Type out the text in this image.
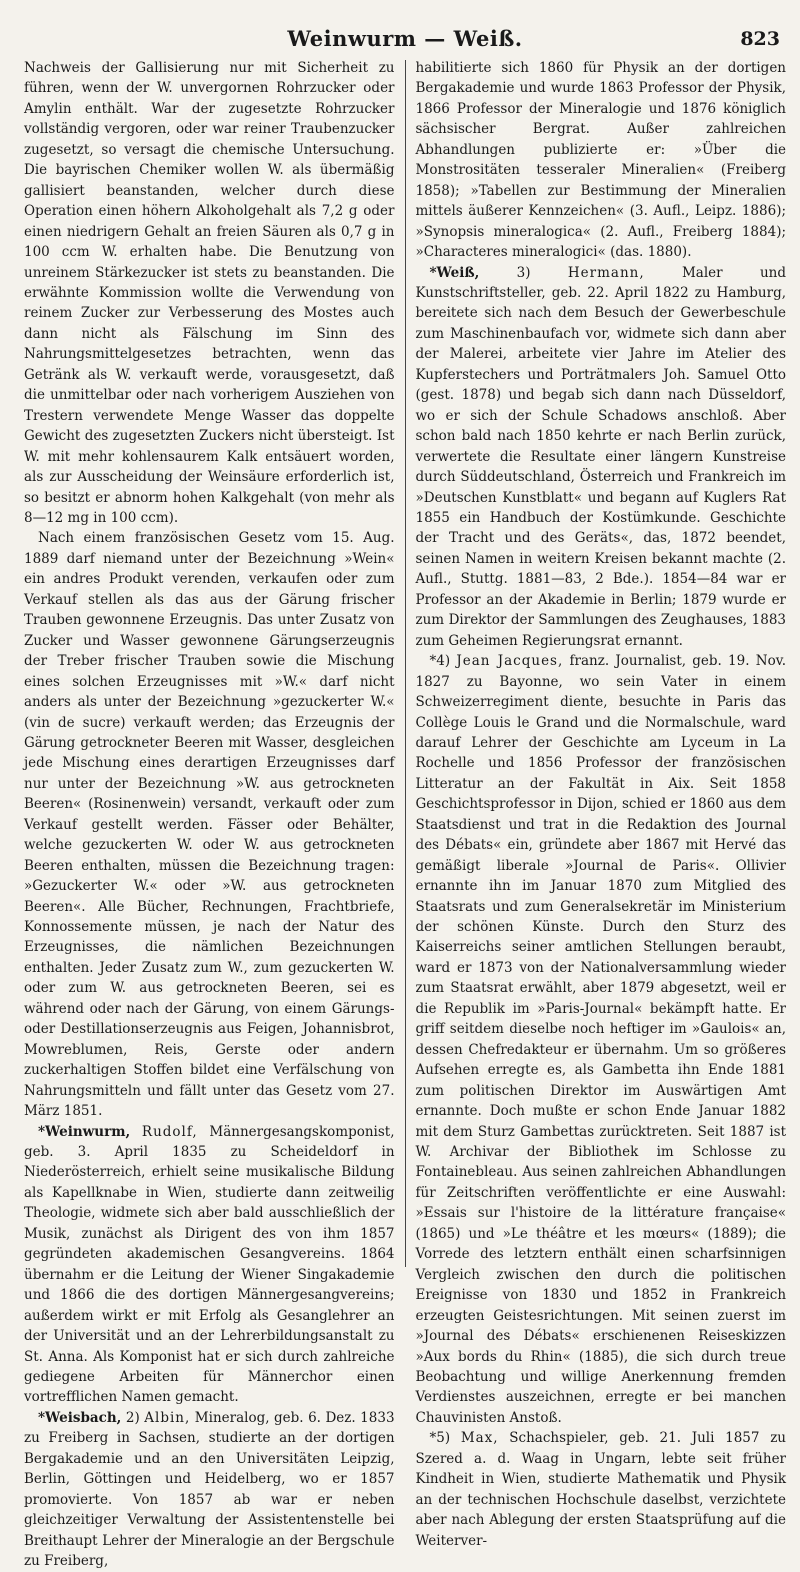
Weinwurm — Weiß.	823

Nachweis der Gallisierung nur mit Sicherheit zu führen, wenn der W. unvergornen Rohrzucker oder Amylin enthält. War der zugesetzte Rohrzucker vollständig vergoren, oder war reiner Traubenzucker zugesetzt, so versagt die chemische Untersuchung. Die bayrischen Chemiker wollen W. als übermäßig gallisiert beanstanden, welcher durch diese Operation einen höhern Alkoholgehalt als 7,2 g oder einen niedrigern Gehalt an freien Säuren als 0,7 g in 100 ccm W. erhalten habe. Die Benutzung von unreinem Stärkezucker ist stets zu beanstanden. Die erwähnte Kommission wollte die Verwendung von reinem Zucker zur Verbesserung des Mostes auch dann nicht als Fälschung im Sinn des Nahrungsmittelgesetzes betrachten, wenn das Getränk als W. verkauft werde, vorausgesetzt, daß die unmittelbar oder nach vorherigem Ausziehen von Trestern verwendete Menge Wasser das doppelte Gewicht des zugesetzten Zuckers nicht übersteigt. Ist W. mit mehr kohlensaurem Kalk entsäuert worden, als zur Ausscheidung der Weinsäure erforderlich ist, so besitzt er abnorm hohen Kalkgehalt (von mehr als 8—12 mg in 100 ccm).

Nach einem französischen Gesetz vom 15. Aug. 1889 darf niemand unter der Bezeichnung »Wein« ein andres Produkt verenden, verkaufen oder zum Verkauf stellen als das aus der Gärung frischer Trauben gewonnene Erzeugnis. Das unter Zusatz von Zucker und Wasser gewonnene Gärungserzeugnis der Treber frischer Trauben sowie die Mischung eines solchen Erzeugnisses mit »W.« darf nicht anders als unter der Bezeichnung »gezuckerter W.« (vin de sucre) verkauft werden; das Erzeugnis der Gärung getrockneter Beeren mit Wasser, desgleichen jede Mischung eines derartigen Erzeugnisses darf nur unter der Bezeichnung »W. aus getrockneten Beeren« (Rosinenwein) versandt, verkauft oder zum Verkauf gestellt werden. Fässer oder Behälter, welche gezuckerten W. oder W. aus getrockneten Beeren enthalten, müssen die Bezeichnung tragen: »Gezuckerter W.« oder »W. aus getrockneten Beeren«. Alle Bücher, Rechnungen, Frachtbriefe, Konnossemente müssen, je nach der Natur des Erzeugnisses, die nämlichen Bezeichnungen enthalten. Jeder Zusatz zum W., zum gezuckerten W. oder zum W. aus getrockneten Beeren, sei es während oder nach der Gärung, von einem Gärungs- oder Destillationserzeugnis aus Feigen, Johannisbrot, Mowreblumen, Reis, Gerste oder andern zuckerhaltigen Stoffen bildet eine Verfälschung von Nahrungsmitteln und fällt unter das Gesetz vom 27. März 1851.

*Weinwurm, Rudolf, Männergesangskomponist, geb. 3. April 1835 zu Scheideldorf in Niederösterreich, erhielt seine musikalische Bildung als Kapellknabe in Wien, studierte dann zeitweilig Theologie, widmete sich aber bald ausschließlich der Musik, zunächst als Dirigent des von ihm 1857 gegründeten akademischen Gesangvereins. 1864 übernahm er die Leitung der Wiener Singakademie und 1866 die des dortigen Männergesangvereins; außerdem wirkt er mit Erfolg als Gesanglehrer an der Universität und an der Lehrerbildungsanstalt zu St. Anna. Als Komponist hat er sich durch zahlreiche gediegene Arbeiten für Männerchor einen vortrefflichen Namen gemacht.

*Weisbach, 2) Albin, Mineralog, geb. 6. Dez. 1833 zu Freiberg in Sachsen, studierte an der dortigen Bergakademie und an den Universitäten Leipzig, Berlin, Göttingen und Heidelberg, wo er 1857 promovierte. Von 1857 ab war er neben gleichzeitiger Verwaltung der Assistentenstelle bei Breithaupt Lehrer der Mineralogie an der Bergschule zu Freiberg,

habilitierte sich 1860 für Physik an der dortigen Bergakademie und wurde 1863 Professor der Physik, 1866 Professor der Mineralogie und 1876 königlich sächsischer Bergrat. Außer zahlreichen Abhandlungen publizierte er: »Über die Monstrositäten tesseraler Mineralien« (Freiberg 1858); »Tabellen zur Bestimmung der Mineralien mittels äußerer Kennzeichen« (3. Aufl., Leipz. 1886); »Synopsis mineralogica« (2. Aufl., Freiberg 1884); »Characteres mineralogici« (das. 1880).

*Weiß,	3)	Hermann,	Maler und Kunstschriftsteller, geb. 22. April 1822 zu Hamburg, bereitete sich nach dem Besuch der Gewerbeschule zum Maschinenbaufach vor, widmete sich dann aber der Malerei, arbeitete vier Jahre im Atelier des Kupferstechers und Porträtmalers Joh. Samuel Otto (gest. 1878) und begab sich dann nach Düsseldorf, wo er sich der Schule Schadows anschloß. Aber schon bald nach 1850 kehrte er nach Berlin zurück, verwertete die Resultate einer längern Kunstreise durch Süddeutschland, Österreich und Frankreich im »Deutschen Kunstblatt« und begann auf Kuglers Rat 1855 ein Handbuch der Kostümkunde. Geschichte der Tracht und des Geräts«, das, 1872 beendet, seinen Namen in weitern Kreisen bekannt machte (2. Aufl., Stuttg. 1881—83, 2 Bde.). 1854—84 war er Professor an der Akademie in Berlin; 1879 wurde er zum Direktor der Sammlungen des Zeughauses, 1883 zum Geheimen Regierungsrat ernannt.

*4) Jean Jacques, franz. Journalist, geb. 19. Nov. 1827 zu Bayonne, wo sein Vater in einem Schweizerregiment diente, besuchte in Paris das Collège Louis le Grand und die Normalschule, ward darauf Lehrer der Geschichte am Lyceum in La Rochelle und 1856 Professor der französischen Litteratur an der Fakultät in Aix. Seit 1858 Geschichtsprofessor in Dijon, schied er 1860 aus dem Staatsdienst und trat in die Redaktion des Journal des Débats« ein, gründete aber 1867 mit Hervé das gemäßigt liberale »Journal de Paris«. Ollivier ernannte ihn im Januar 1870 zum Mitglied des Staatsrats und zum Generalsekretär im Ministerium der schönen Künste. Durch den Sturz des Kaiserreichs seiner amtlichen Stellungen beraubt, ward er 1873 von der Nationalversammlung wieder zum Staatsrat erwählt, aber 1879 abgesetzt, weil er die Republik im »Paris-Journal« bekämpft hatte. Er griff seitdem dieselbe noch heftiger im »Gaulois« an, dessen Chefredakteur er übernahm. Um so größeres Aufsehen erregte es, als Gambetta ihn Ende 1881 zum politischen Direktor im Auswärtigen Amt ernannte. Doch mußte er schon Ende Januar 1882 mit dem Sturz Gambettas zurücktreten. Seit 1887 ist W. Archivar der Bibliothek im Schlosse zu Fontainebleau. Aus seinen zahlreichen Abhandlungen für Zeitschriften veröffentlichte er eine Auswahl: »Essais sur l'histoire de la littérature française« (1865) und »Le théâtre et les mœurs« (1889); die Vorrede des letztern enthält einen scharfsinnigen Vergleich zwischen den durch die politischen Ereignisse von 1830 und 1852 in Frankreich erzeugten Geistesrichtungen. Mit seinen zuerst im »Journal des Débats« erschienenen Reiseskizzen »Aux bords du Rhin« (1885), die sich durch treue Beobachtung und willige Anerkennung fremden Verdienstes auszeichnen, erregte er bei manchen Chauvinisten Anstoß.

*5) Max, Schachspieler, geb. 21. Juli 1857 zu Szered a. d. Waag in Ungarn, lebte seit früher Kindheit in Wien, studierte Mathematik und Physik an der technischen Hochschule daselbst, verzichtete aber nach Ablegung der ersten Staatsprüfung auf die Weiterver-
